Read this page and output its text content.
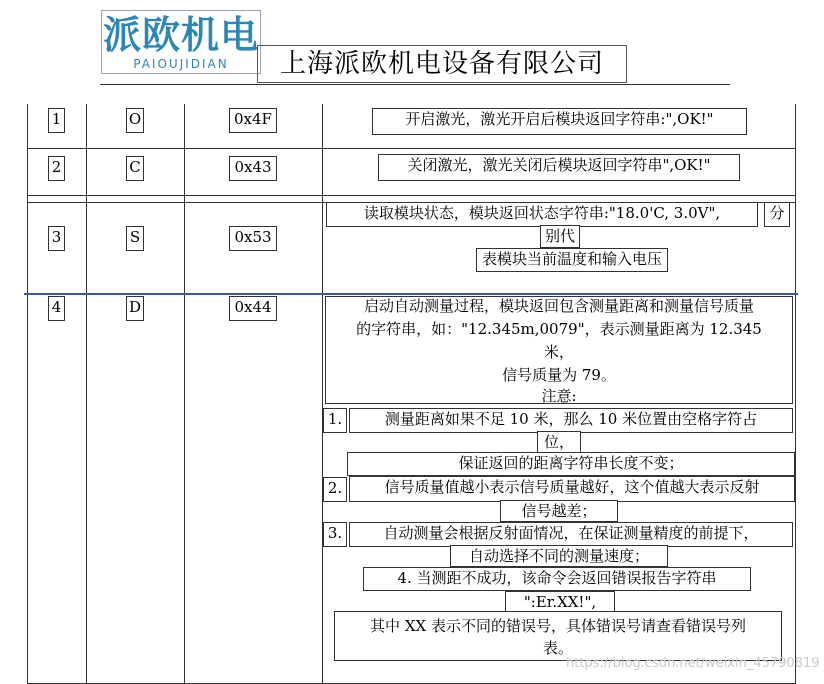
派欧机电
PAIOUJIDIAN	上海派欧机电设备有限公司
1	O	0x4F	开启激光，激光开启后模块返回字符串:",OK!"
2	C	0x43	关闭激光，激光关闭后模块返回字符串",OK!"
3	S	0x53
读取模块状态，模块返回状态字符串:"18.0'C, 3.0V",	分
别代
表模块当前温度和输入电压
4	D	0x44	启动自动测量过程，模块返回包含测量距离和测量信号质量
的字符串，如："12.345m,0079"，表示测量距离为 12.345
米，
信号质量为 79。
注意:
1.	测量距离如果不足 10 米，那么 10 米位置由空格字符占
位，
保证返回的距离字符串长度不变；
2.	信号质量值越小表示信号质量越好，这个值越大表示反射
信号越差；
3.	自动测量会根据反射面情况，在保证测量精度的前提下，
自动选择不同的测量速度；
4. 当测距不成功，该命令会返回错误报告字符串
":Er.XX!",
其中 XX 表示不同的错误号，具体错误号请查看错误号列
表。
https://blog.csdn.net/weixin_45790819
